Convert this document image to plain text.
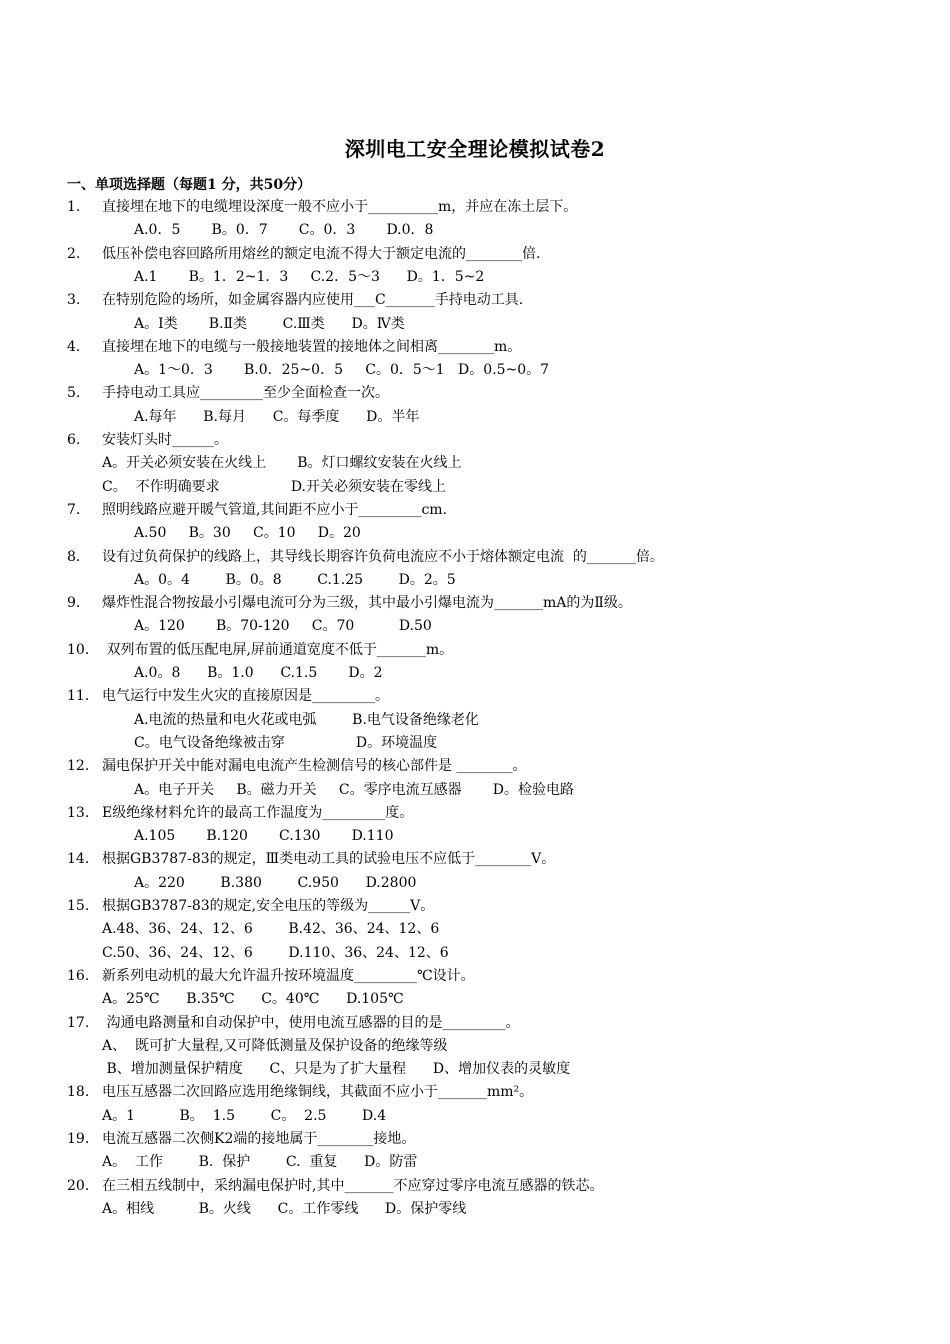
深圳电工安全理论模拟试卷2
一、单项选择题（每题1 分，共50分）
1. 直接埋在地下的电缆埋设深度一般不应小于__________m，并应在冻土层下。
A.0．5       B。0．7       C。0．3       D.0．8
2. 低压补偿电容回路所用熔丝的额定电流不得大于额定电流的________倍.
A.1       B。1．2~1．3     C.2．5～3      D。1．5~2
3. 在特别危险的场所，如金属容器内应使用___C_______手持电动工具.
A。Ⅰ类       B.Ⅱ类        C.Ⅲ类      D。Ⅳ类
4. 直接埋在地下的电缆与一般接地装置的接地体之间相离________m。
A。1～0．3       B.0．25~0．5     C。0．5～1   D。0.5~0。7
5. 手持电动工具应_________至少全面检查一次。
A.每年      B.每月      C。每季度      D。半年
6. 安装灯头时______。
A。开关必须安装在火线上       B。灯口螺纹安装在火线上
C。  不作明确要求                D.开关必须安装在零线上
7. 照明线路应避开暖气管道,其间距不应小于_________cm.
A.50     B。30     C。10     D。20
8. 设有过负荷保护的线路上，其导线长期容许负荷电流应不小于熔体额定电流  的_______倍。
A。0。4        B。0。8        C.1.25        D。2。5
9. 爆炸性混合物按最小引爆电流可分为三级，其中最小引爆电流为_______mA的为Ⅱ级。
A。120       B。70-120     C。70          D.50
10. 双列布置的低压配电屏,屏前通道宽度不低于_______m。
A.0。8      B。1.0      C.1.5       D。2
11. 电气运行中发生火灾的直接原因是_________。
A.电流的热量和电火花或电弧        B.电气设备绝缘老化
C。电气设备绝缘被击穿                D。环境温度
12. 漏电保护开关中能对漏电电流产生检测信号的核心部件是 ________。
A。电子开关     B。磁力开关     C。零序电流互感器       D。检验电路
13. E级绝缘材料允许的最高工作温度为_________度。
A.105       B.120       C.130       D.110
14. 根据GB3787-83的规定，Ⅲ类电动工具的试验电压不应低于________V。
A。220        B.380        C.950      D.2800
15. 根据GB3787-83的规定,安全电压的等级为______V。
A.48、36、24、12、6        B.42、36、24、12、6
C.50、36、24、12、6        D.110、36、24、12、6
16. 新系列电动机的最大允许温升按环境温度_________℃设计。
A。25℃      B.35℃      C。40℃      D.105℃
17. 沟通电路测量和自动保护中，使用电流互感器的目的是_________。
A、  既可扩大量程,又可降低测量及保护设备的绝缘等级
B、增加测量保护精度      C、只是为了扩大量程      D、增加仪表的灵敏度
18. 电压互感器二次回路应选用绝缘铜线，其截面不应小于_______mm²。
A。1          B。  1.5        C。  2.5        D.4
19. 电流互感器二次侧K2端的接地属于________接地。
A。  工作        B.  保护        C.  重复      D。防雷
20. 在三相五线制中，采纳漏电保护时,其中_______不应穿过零序电流互感器的铁芯。
A。相线          B。火线      C。工作零线      D。保护零线
